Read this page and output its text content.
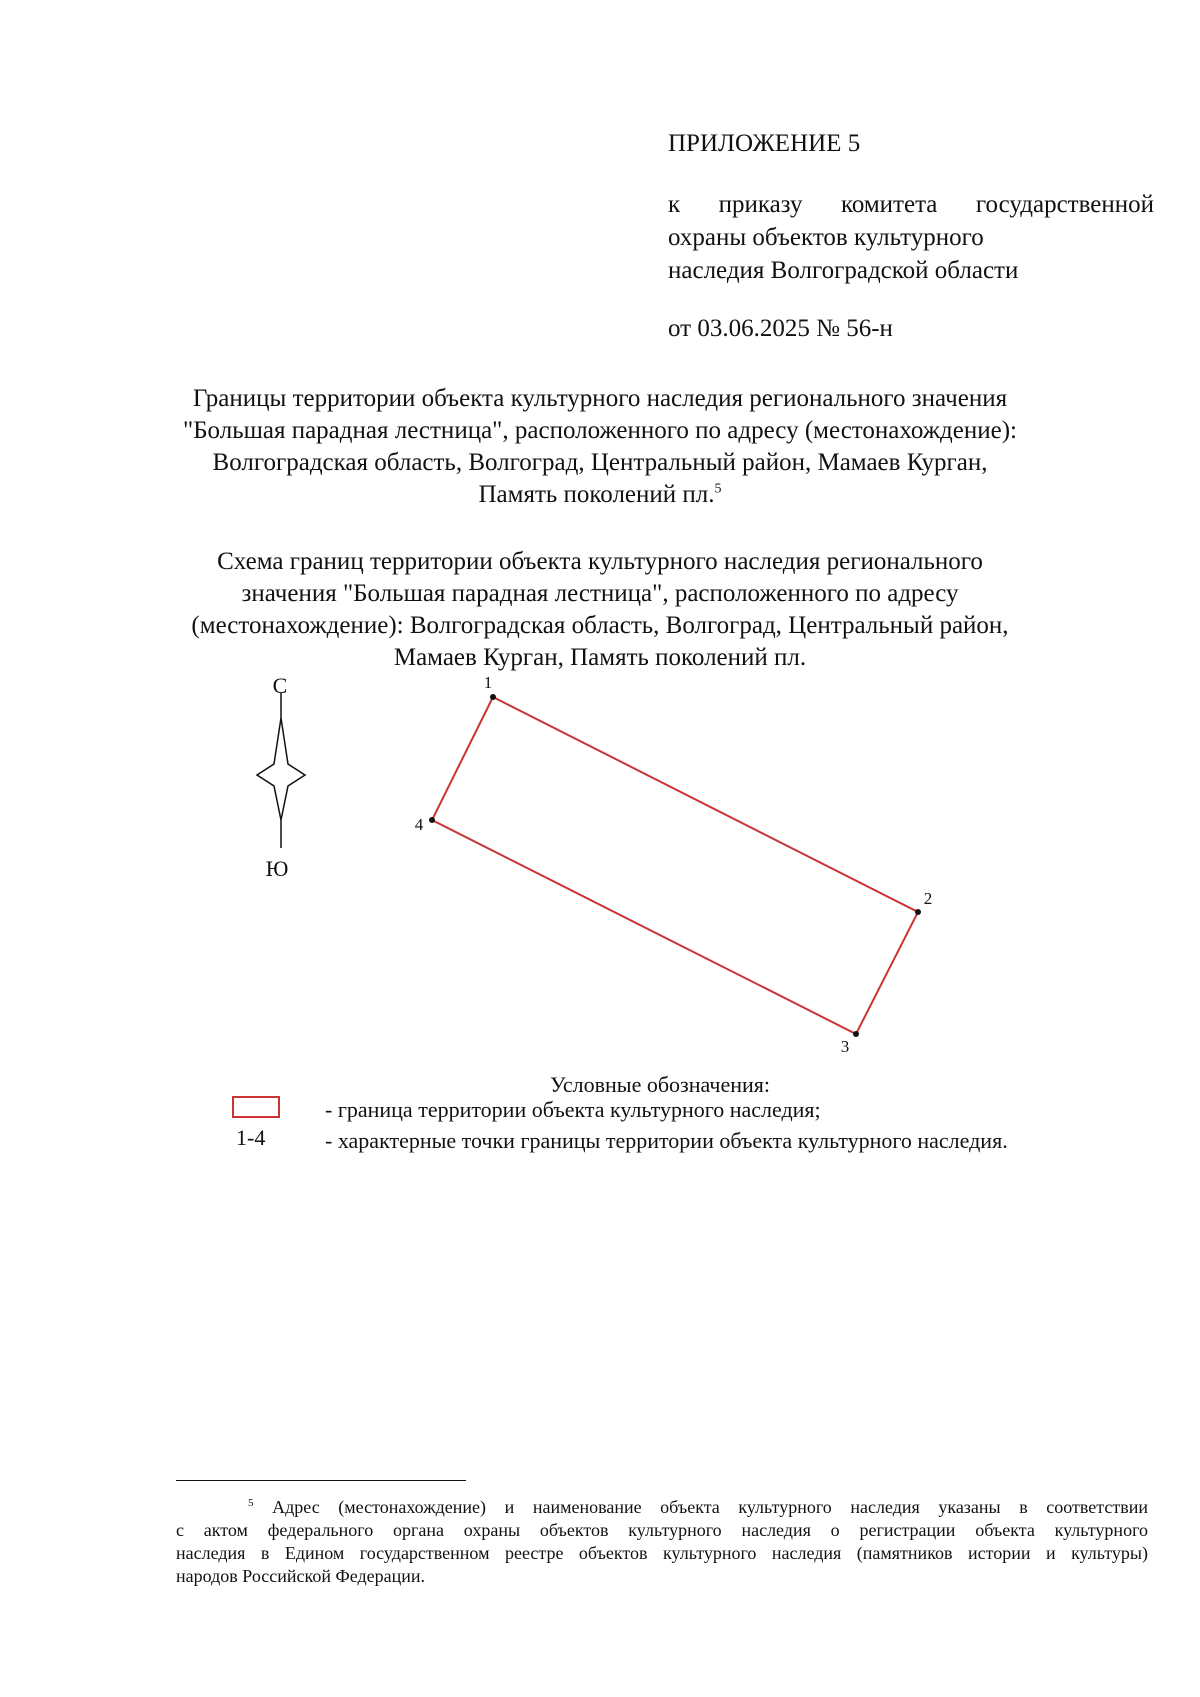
ПРИЛОЖЕНИЕ 5
к приказу комитета государственной
охраны объектов культурного
наследия Волгоградской области
от 03.06.2025 № 56-н
Границы территории объекта культурного наследия регионального значения
"Большая парадная лестница", расположенного по адресу (местонахождение):
Волгоградская область, Волгоград, Центральный район, Мамаев Курган,
Память поколений пл.$^5$
Схема границ территории объекта культурного наследия регионального
значения "Большая парадная лестница", расположенного по адресу
(местонахождение): Волгоградская область, Волгоград, Центральный район,
Мамаев Курган, Память поколений пл.
С
Ю
1
2
3
4
Условные обозначения:
1-4
- граница территории объекта культурного наследия;
- характерные точки границы территории объекта культурного наследия.
$^5$ Адрес (местонахождение) и наименование объекта культурного наследия указаны в соответствии
с актом федерального органа охраны объектов культурного наследия о регистрации объекта культурного
наследия в Едином государственном реестре объектов культурного наследия (памятников истории и культуры)
народов Российской Федерации.
